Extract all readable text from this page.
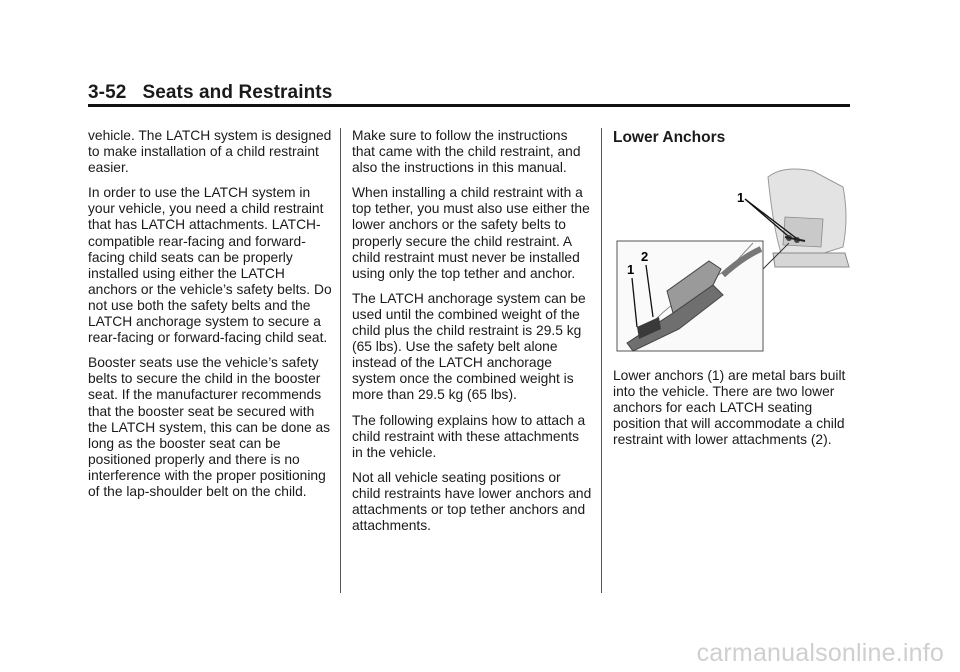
3-52 Seats and Restraints

vehicle. The LATCH system is designed to make installation of a child restraint easier.

In order to use the LATCH system in your vehicle, you need a child restraint that has LATCH attachments. LATCH-compatible rear-facing and forward-facing child seats can be properly installed using either the LATCH anchors or the vehicle’s safety belts. Do not use both the safety belts and the LATCH anchorage system to secure a rear-facing or forward-facing child seat.

Booster seats use the vehicle’s safety belts to secure the child in the booster seat. If the manufacturer recommends that the booster seat be secured with the LATCH system, this can be done as long as the booster seat can be positioned properly and there is no interference with the proper positioning of the lap-shoulder belt on the child.

Make sure to follow the instructions that came with the child restraint, and also the instructions in this manual.

When installing a child restraint with a top tether, you must also use either the lower anchors or the safety belts to properly secure the child restraint. A child restraint must never be installed using only the top tether and anchor.

The LATCH anchorage system can be used until the combined weight of the child plus the child restraint is 29.5 kg (65 lbs). Use the safety belt alone instead of the LATCH anchorage system once the combined weight is more than 29.5 kg (65 lbs).

The following explains how to attach a child restraint with these attachments in the vehicle.

Not all vehicle seating positions or child restraints have lower anchors and attachments or top tether anchors and attachments.

Lower Anchors
1
1
2

Lower anchors (1) are metal bars built into the vehicle. There are two lower anchors for each LATCH seating position that will accommodate a child restraint with lower attachments (2).

carmanualsonline.info
